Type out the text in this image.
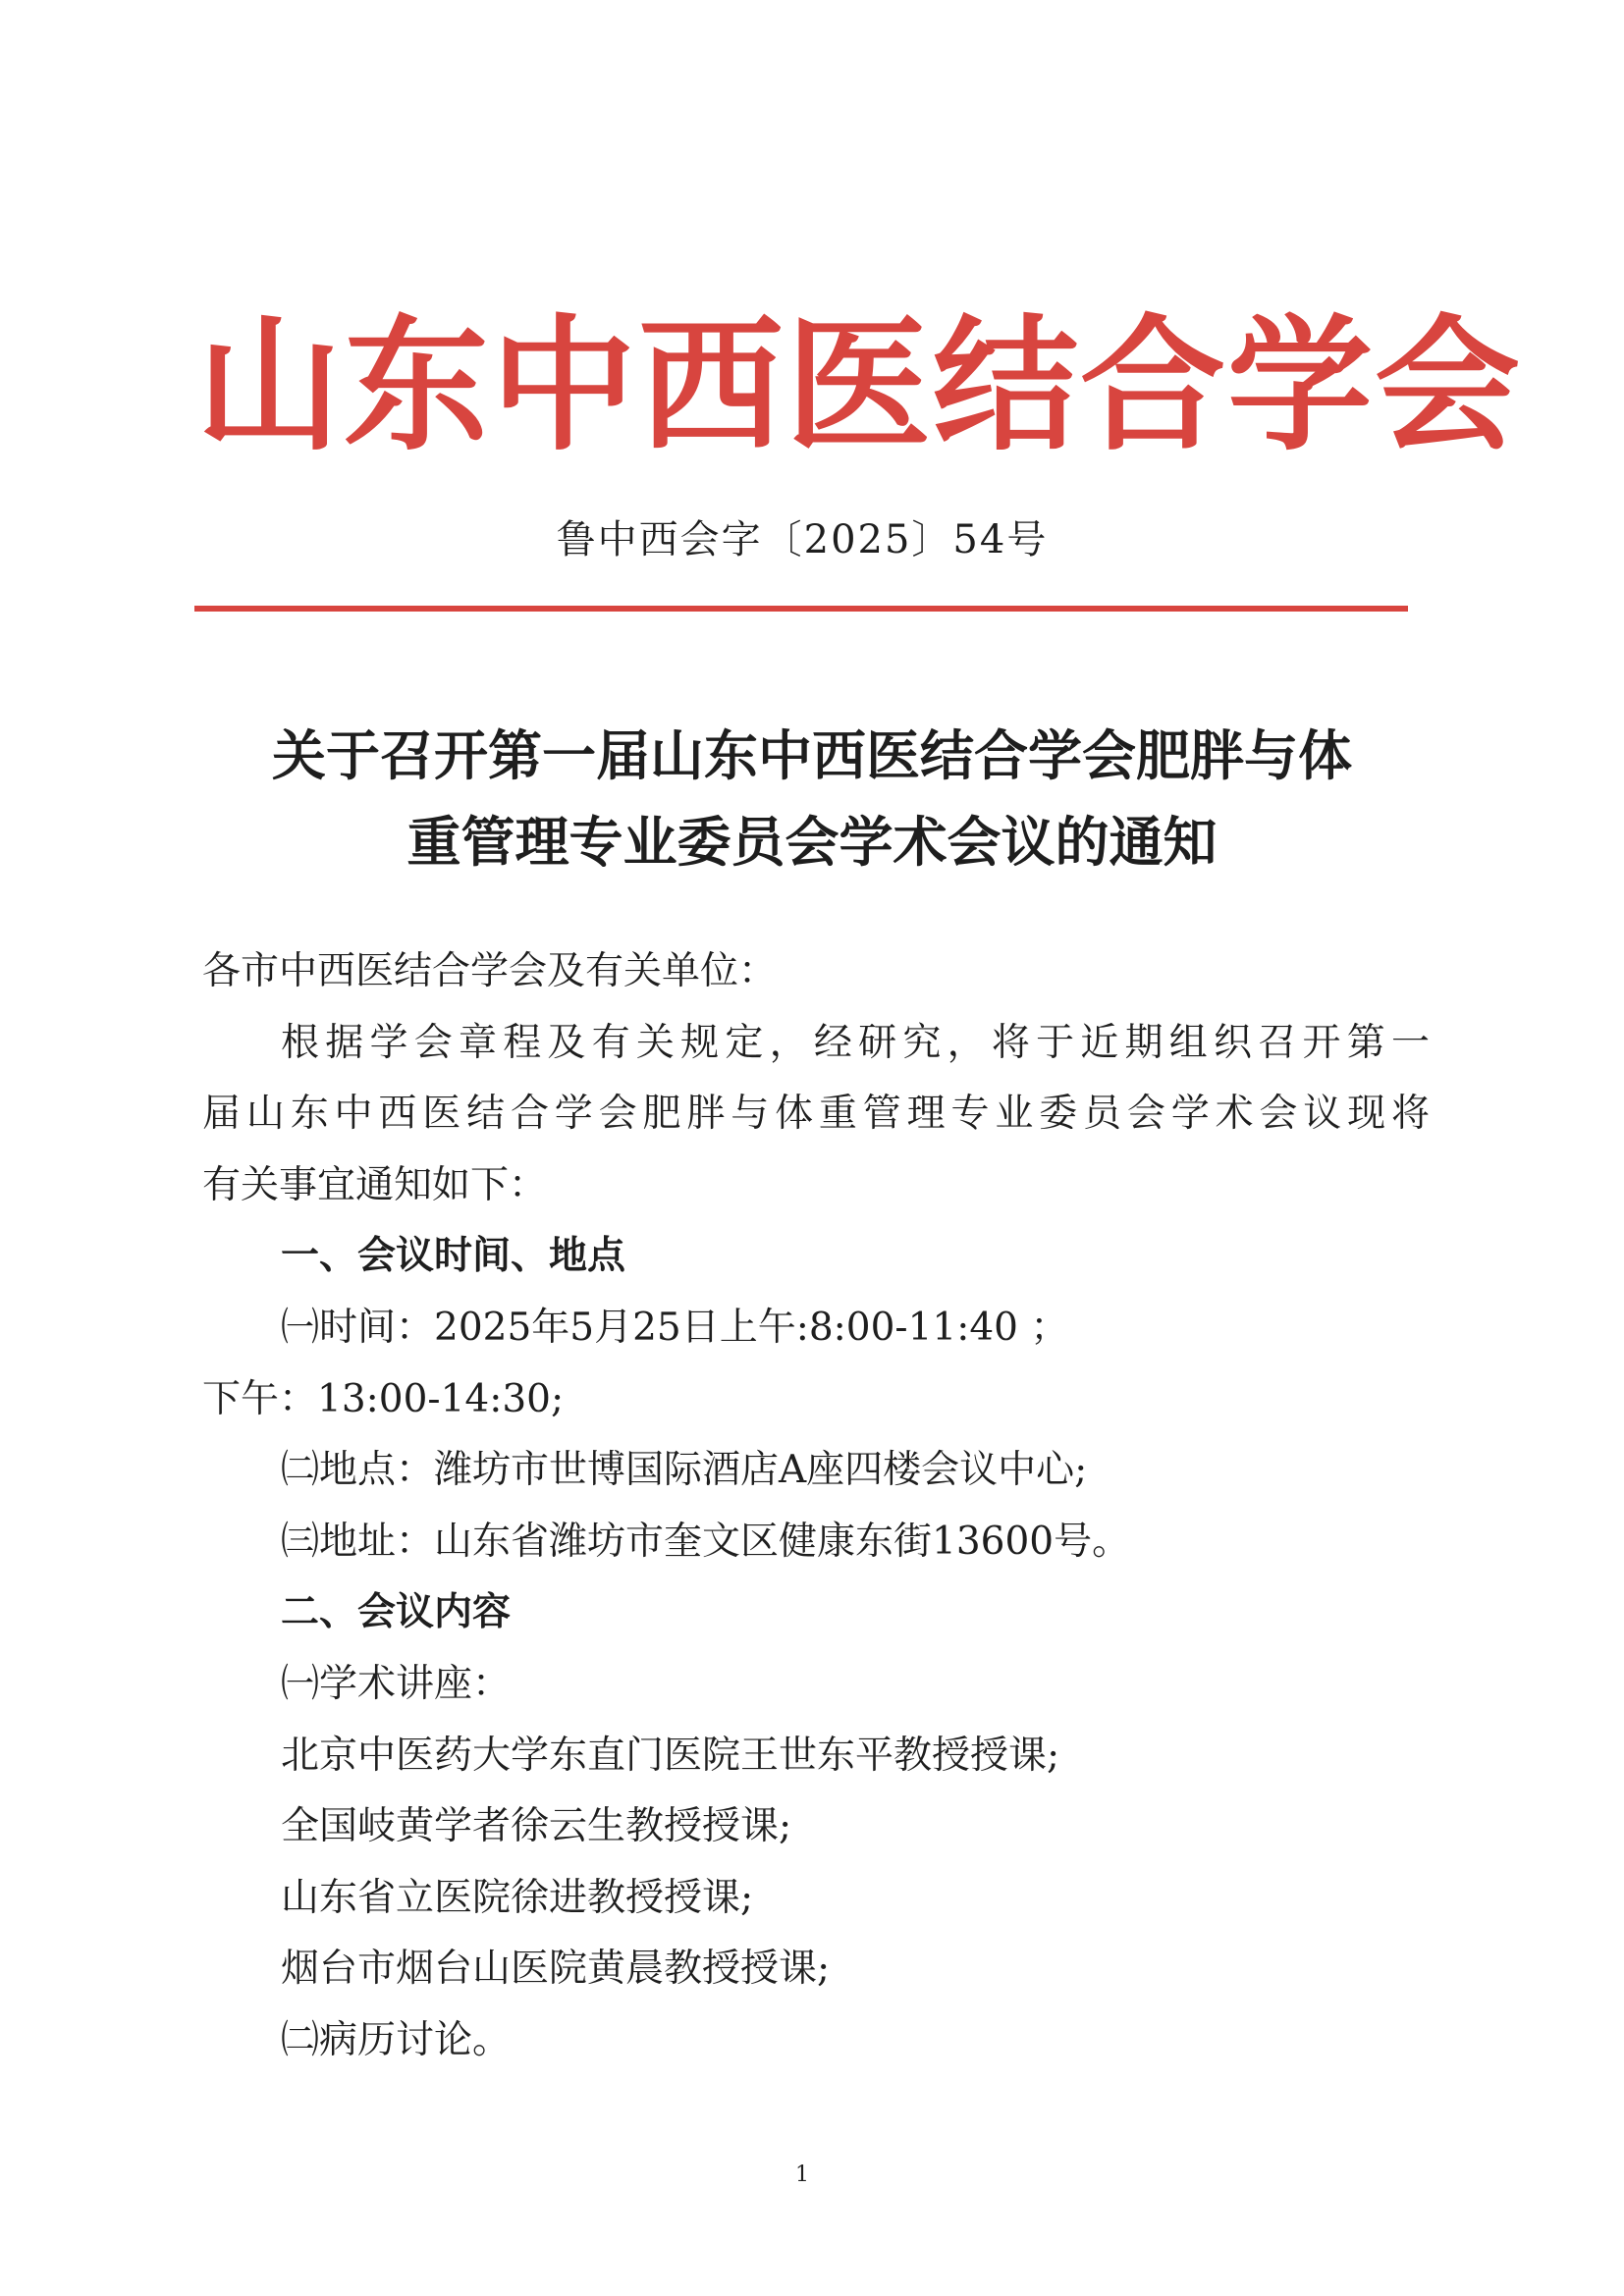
山东中西医结合学会
鲁中西会字〔2025〕54号
关于召开第一届山东中西医结合学会肥胖与体
重管理专业委员会学术会议的通知
各市中西医结合学会及有关单位：
根据学会章程及有关规定，经研究，将于近期组织召开第一
届山东中西医结合学会肥胖与体重管理专业委员会学术会议现将
有关事宜通知如下：
一、会议时间、地点
㈠时间：2025年5月25日上午:8:00-11:40 ；
下午：13:00-14:30;
㈡地点：潍坊市世博国际酒店A座四楼会议中心;
㈢地址：山东省潍坊市奎文区健康东街13600号。
二、会议内容
㈠学术讲座：
北京中医药大学东直门医院王世东平教授授课;
全国岐黄学者徐云生教授授课;
山东省立医院徐进教授授课;
烟台市烟台山医院黄晨教授授课;
㈡病历讨论。
1
